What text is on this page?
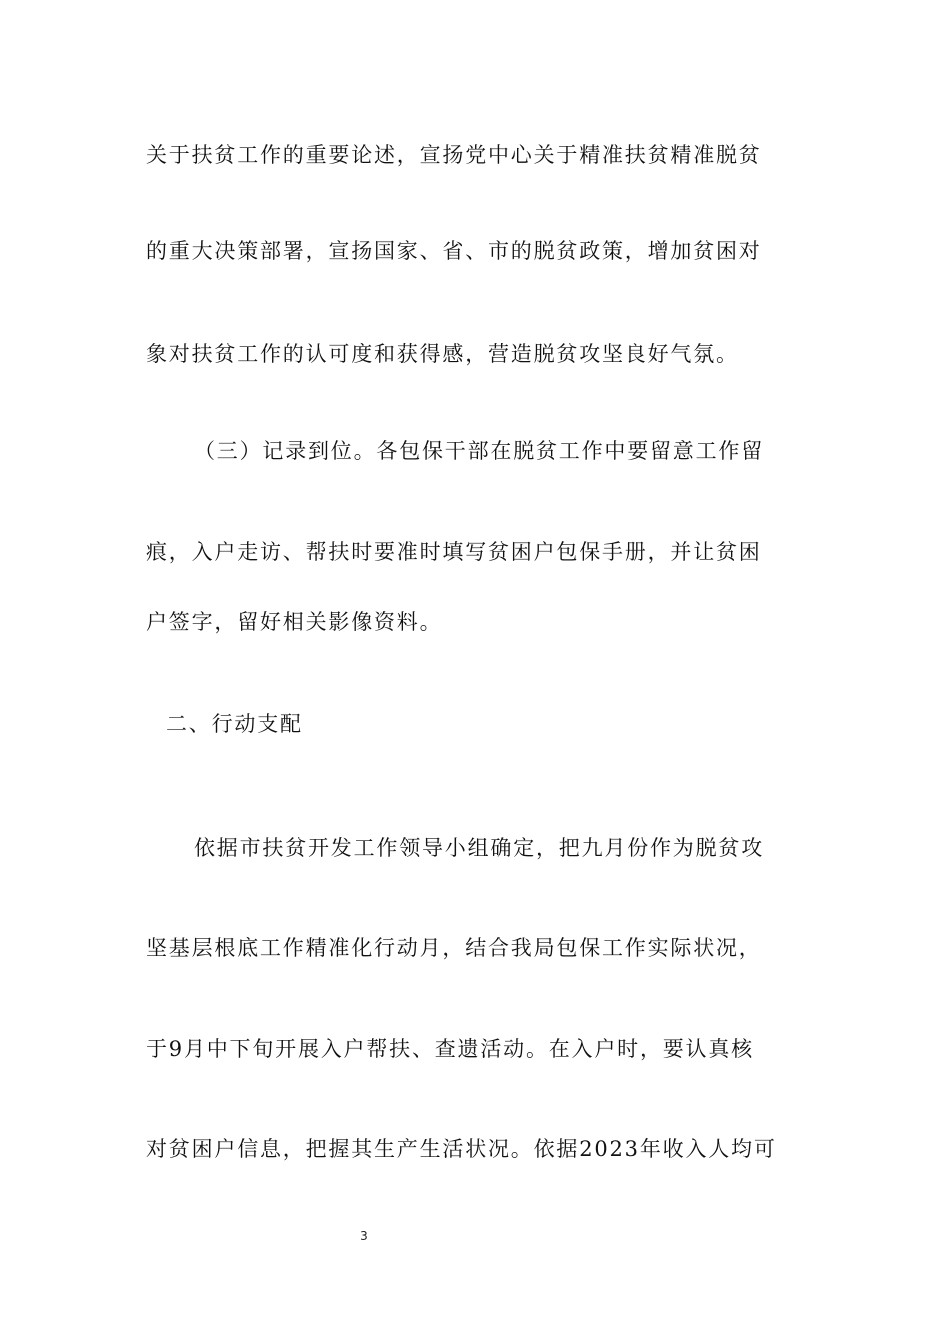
关于扶贫工作的重要论述，宣扬党中心关于精准扶贫精准脱贫
的重大决策部署，宣扬国家、省、市的脱贫政策，增加贫困对
象对扶贫工作的认可度和获得感，营造脱贫攻坚良好气氛。
（三）记录到位。各包保干部在脱贫工作中要留意工作留
痕，入户走访、帮扶时要准时填写贫困户包保手册，并让贫困
户签字，留好相关影像资料。
二、行动支配
依据市扶贫开发工作领导小组确定，把九月份作为脱贫攻
坚基层根底工作精准化行动月，结合我局包保工作实际状况，
于9月中下旬开展入户帮扶、查遗活动。在入户时，要认真核
对贫困户信息，把握其生产生活状况。依据2023年收入人均可
3
